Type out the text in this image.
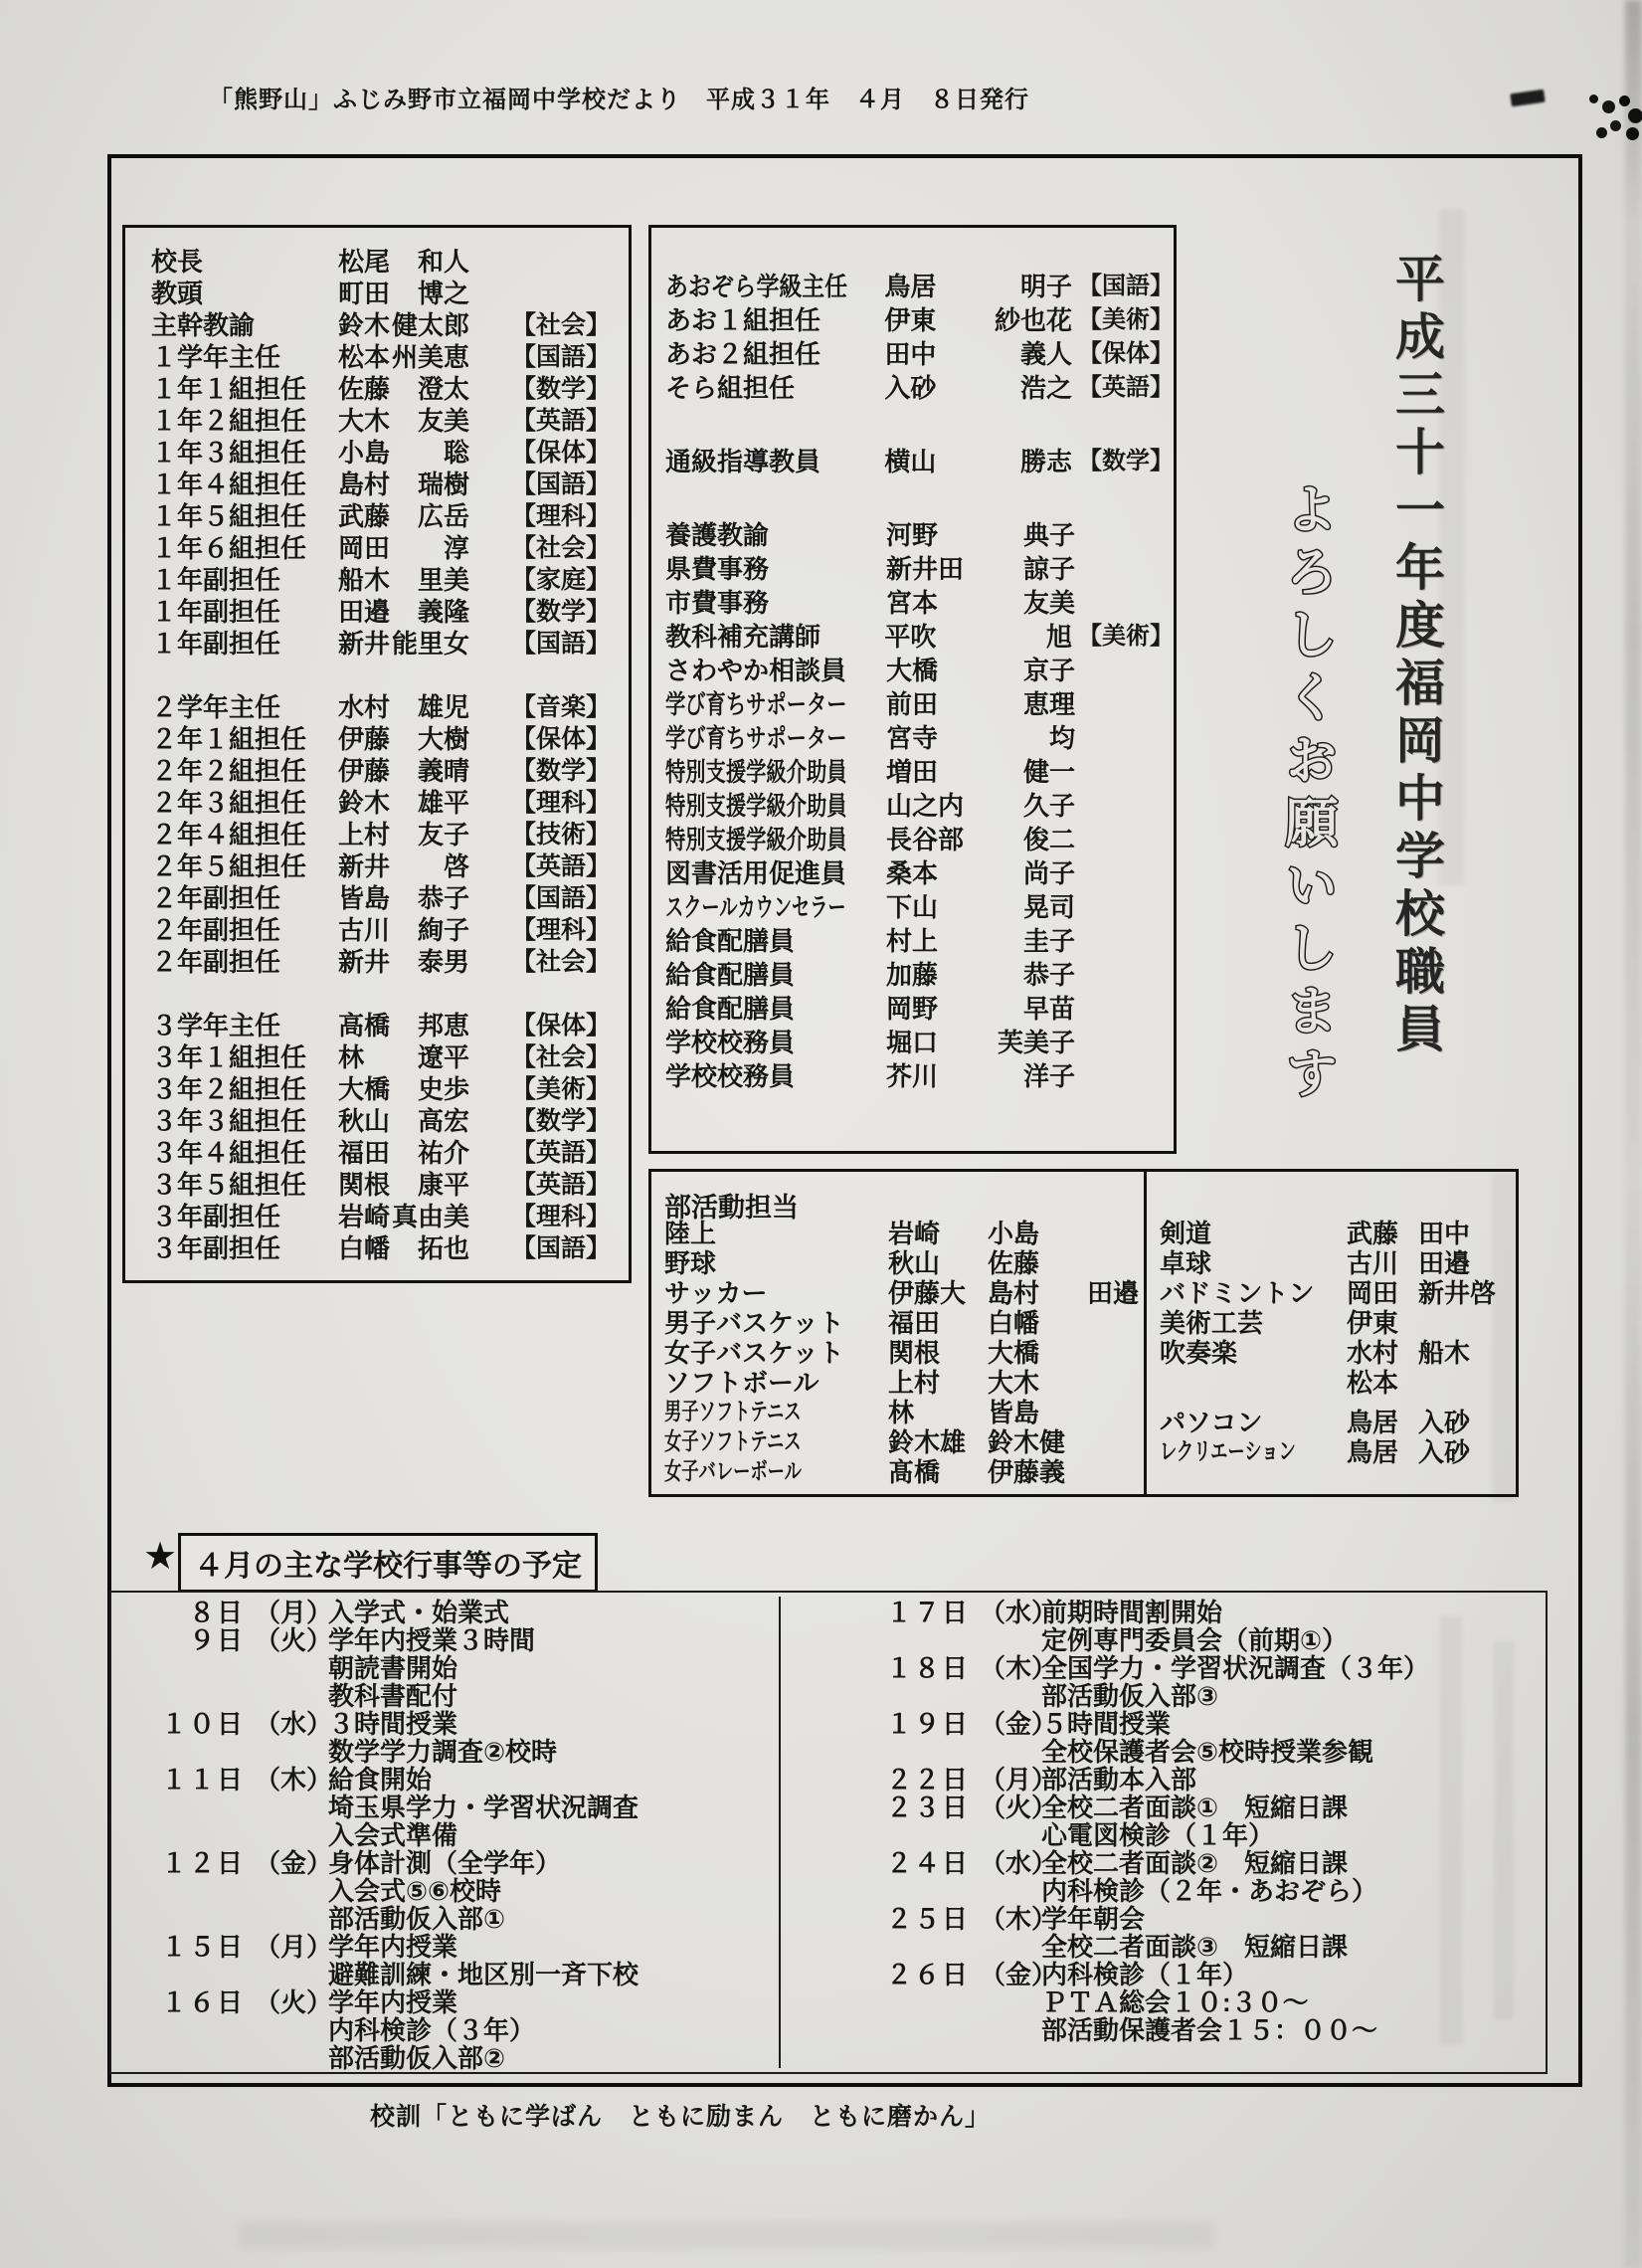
「熊野山」ふじみ野市立福岡中学校だより　平成３１年　４月　８日発行
校長	松尾 和人
教頭	町田 博之
主幹教諭	鈴木 健太郎 【社会】
１学年主任	松本 州美恵 【国語】
１年１組担任	佐藤 澄太 【数学】
１年２組担任	大木 友美 【英語】
１年３組担任	小島 聡 【保体】
１年４組担任	島村 瑞樹 【国語】
１年５組担任	武藤 広岳 【理科】
１年６組担任	岡田 淳 【社会】
１年副担任	船木 里美 【家庭】
１年副担任	田邉 義隆 【数学】
１年副担任	新井 能里女 【国語】
２学年主任	水村 雄児 【音楽】
２年１組担任	伊藤 大樹 【保体】
２年２組担任	伊藤 義晴 【数学】
２年３組担任	鈴木 雄平 【理科】
２年４組担任	上村 友子 【技術】
２年５組担任	新井 啓 【英語】
２年副担任	皆島 恭子 【国語】
２年副担任	古川 絢子 【理科】
２年副担任	新井 泰男 【社会】
３学年主任	高橋 邦恵 【保体】
３年１組担任	林 遼平 【社会】
３年２組担任	大橋 史歩 【美術】
３年３組担任	秋山 高宏 【数学】
３年４組担任	福田 祐介 【英語】
３年５組担任	関根 康平 【英語】
３年副担任	岩崎 真由美 【理科】
３年副担任	白幡 拓也 【国語】
あおぞら学級主任	鳥居	明子 【国語】
あお１組担任	伊東 紗也花 【美術】
あお２組担任	田中	義人 【保体】
そら組担任	入砂	浩之 【英語】
通級指導教員	横山	勝志 【数学】
養護教諭	河野	典子
県費事務	新井田 諒子
市費事務	宮本	友美
教科補充講師	平吹	旭 【美術】
さわやか相談員	大橋	京子
学び育ちサポーター 前田	恵理
学び育ちサポーター 宮寺	均
特別支援学級介助員 増田	健一
特別支援学級介助員 山之内 久子
特別支援学級介助員 長谷部 俊二
図書活用促進員	桑本	尚子
スクールカウンセラー 下山	晃司
給食配膳員	村上	圭子
給食配膳員	加藤	恭子
給食配膳員	岡野	早苗
学校校務員	堀口 芙美子
学校校務員	芥川	洋子
平成三十一年度福岡中学校職員
よろしくお願いします
部活動担当
陸上	岩崎	小島
野球	秋山	佐藤
サッカー	伊藤大 島村	田邉
男子バスケット	福田	白幡
女子バスケット	関根	大橋
ソフトボール	上村	大木
男子ソフトテニス	林	皆島
女子ソフトテニス	鈴木雄 鈴木健
女子バレーボール	髙橋	伊藤義
剣道	武藤 田中
卓球	古川 田邉
バドミントン	岡田 新井啓
美術工芸	伊東
吹奏楽	水村 船木
松本
パソコン	鳥居 入砂
レクリエーション 鳥居 入砂
★ ４月の主な学校行事等の予定
８日 （月）
入学式・始業式
９日 （火）
学年内授業３時間
朝読書開始
教科書配付
１０日 （水）
３時間授業
数学学力調査②校時
１１日 （木）
給食開始
埼玉県学力・学習状況調査
入会式準備
１２日 （金）
身体計測（全学年）
入会式⑤⑥校時
部活動仮入部①
１５日 （月）
学年内授業
避難訓練・地区別一斉下校
１６日 （火）
学年内授業
内科検診（３年）
部活動仮入部②
１７日 （水）
前期時間割開始
定例専門委員会（前期①）
１８日 （木）
全国学力・学習状況調査（３年）
部活動仮入部③
１９日 （金）
５時間授業
全校保護者会⑤校時授業参観
２２日 （月）
部活動本入部
２３日 （火）
全校二者面談①　短縮日課
心電図検診（１年）
２４日 （水）
全校二者面談②　短縮日課
内科検診（２年・あおぞら）
２５日 （木）
学年朝会
全校二者面談③　短縮日課
２６日 （金）
内科検診（１年）
ＰＴＡ総会１０:３０～
部活動保護者会１５：００～
校訓「ともに学ばん　ともに励まん　ともに磨かん」
